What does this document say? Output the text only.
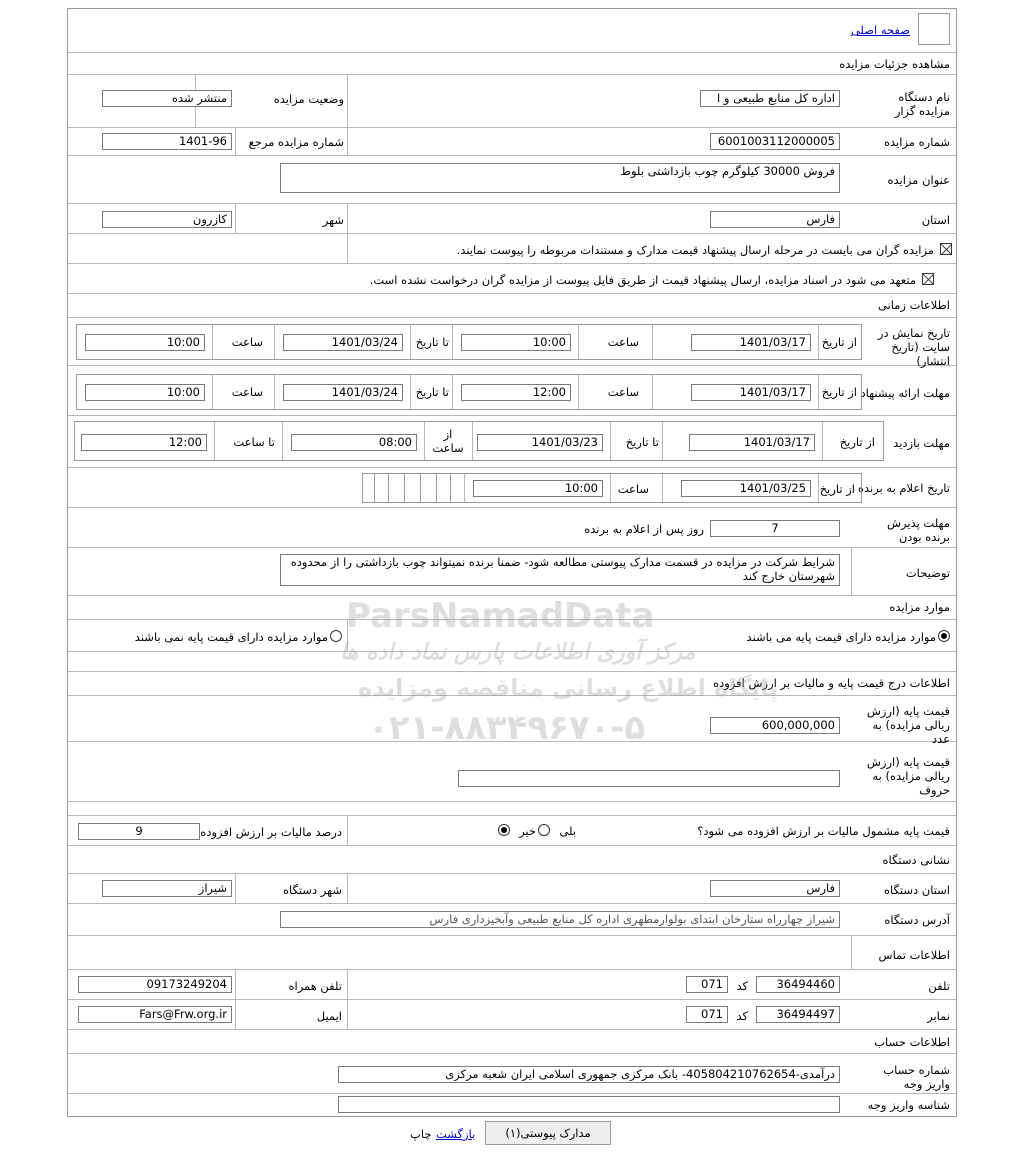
صفحه اصلی
مشاهده جزئیات مزایده
نام دستگاه مزایده گزار
اداره کل منابع طبیعی و ا
وضعیت مزایده
منتشر شده
شماره مزایده
6001003112000005
شماره مزایده مرجع
1401-96
عنوان مزایده
فروش 30000 کیلوگرم چوب بازداشتی بلوط
استان
فارس
شهر
کازرون
مزایده گران می بایست در مرحله ارسال پیشنهاد قیمت مدارک و مستندات مربوطه را پیوست نمایند.
متعهد می شود در اسناد مزایده، ارسال پیشنهاد قیمت از طریق فایل پیوست از مزایده گران درخواست نشده است.
اطلاعات زمانی
تاریخ نمایش در سایت (تاریخ انتشار)
از تاریخ
1401/03/17
ساعت
10:00
تا تاریخ
1401/03/24
ساعت
10:00
مهلت ارائه پیشنهاد
از تاریخ
1401/03/17
ساعت
12:00
تا تاریخ
1401/03/24
ساعت
10:00
مهلت بازدید
از تاریخ
1401/03/17
تا تاریخ
1401/03/23
از ساعت
08:00
تا ساعت
12:00
تاریخ اعلام به برنده
از تاریخ
1401/03/25
ساعت
10:00
مهلت پذیرش برنده بودن
7
روز پس از اعلام به برنده
توضیحات
شرایط شرکت در مزایده در قسمت مدارک پیوستی مطالعه شود- ضمنا برنده نمیتواند چوب بازداشتی را از محدوده شهرستان خارج کند
موارد مزایده
موارد مزایده دارای قیمت پایه می باشند
موارد مزایده دارای قیمت پایه نمی باشند
اطلاعات درج قیمت پایه و مالیات بر ارزش افزوده
قیمت پایه (ارزش ریالی مزایده) به عدد
600,000,000
قیمت پایه (ارزش ریالی مزایده) به حروف
قیمت پایه مشمول مالیات بر ارزش افزوده می شود؟
بلی
خیر
درصد مالیات بر ارزش افزوده
9
نشانی دستگاه
استان دستگاه
فارس
شهر دستگاه
شیراز
آدرس دستگاه
شیراز چهارراه ستارخان ابتدای بولوارمطهری اداره کل منابع طبیعی وآبخیزداری فارس
اطلاعات تماس
تلفن
36494460
کد
071
تلفن همراه
09173249204
نمابر
36494497
کد
071
ایمیل
Fars@Frw.org.ir
اطلاعات حساب
شماره حساب واریز وجه
درآمدی-405804210762654- بانک مرکزی جمهوری اسلامی ایران شعبه مرکزی
شناسه واریز وجه
ParsNamadData
مرکز آوری اطلاعات پارس نماد داده ها
پایگاه اطلاع رسانی مناقصه ومزایده
۰۲۱-۸۸۳۴۹۶۷۰-۵
مدارک پیوستی(۱)
بازگشت
چاپ
